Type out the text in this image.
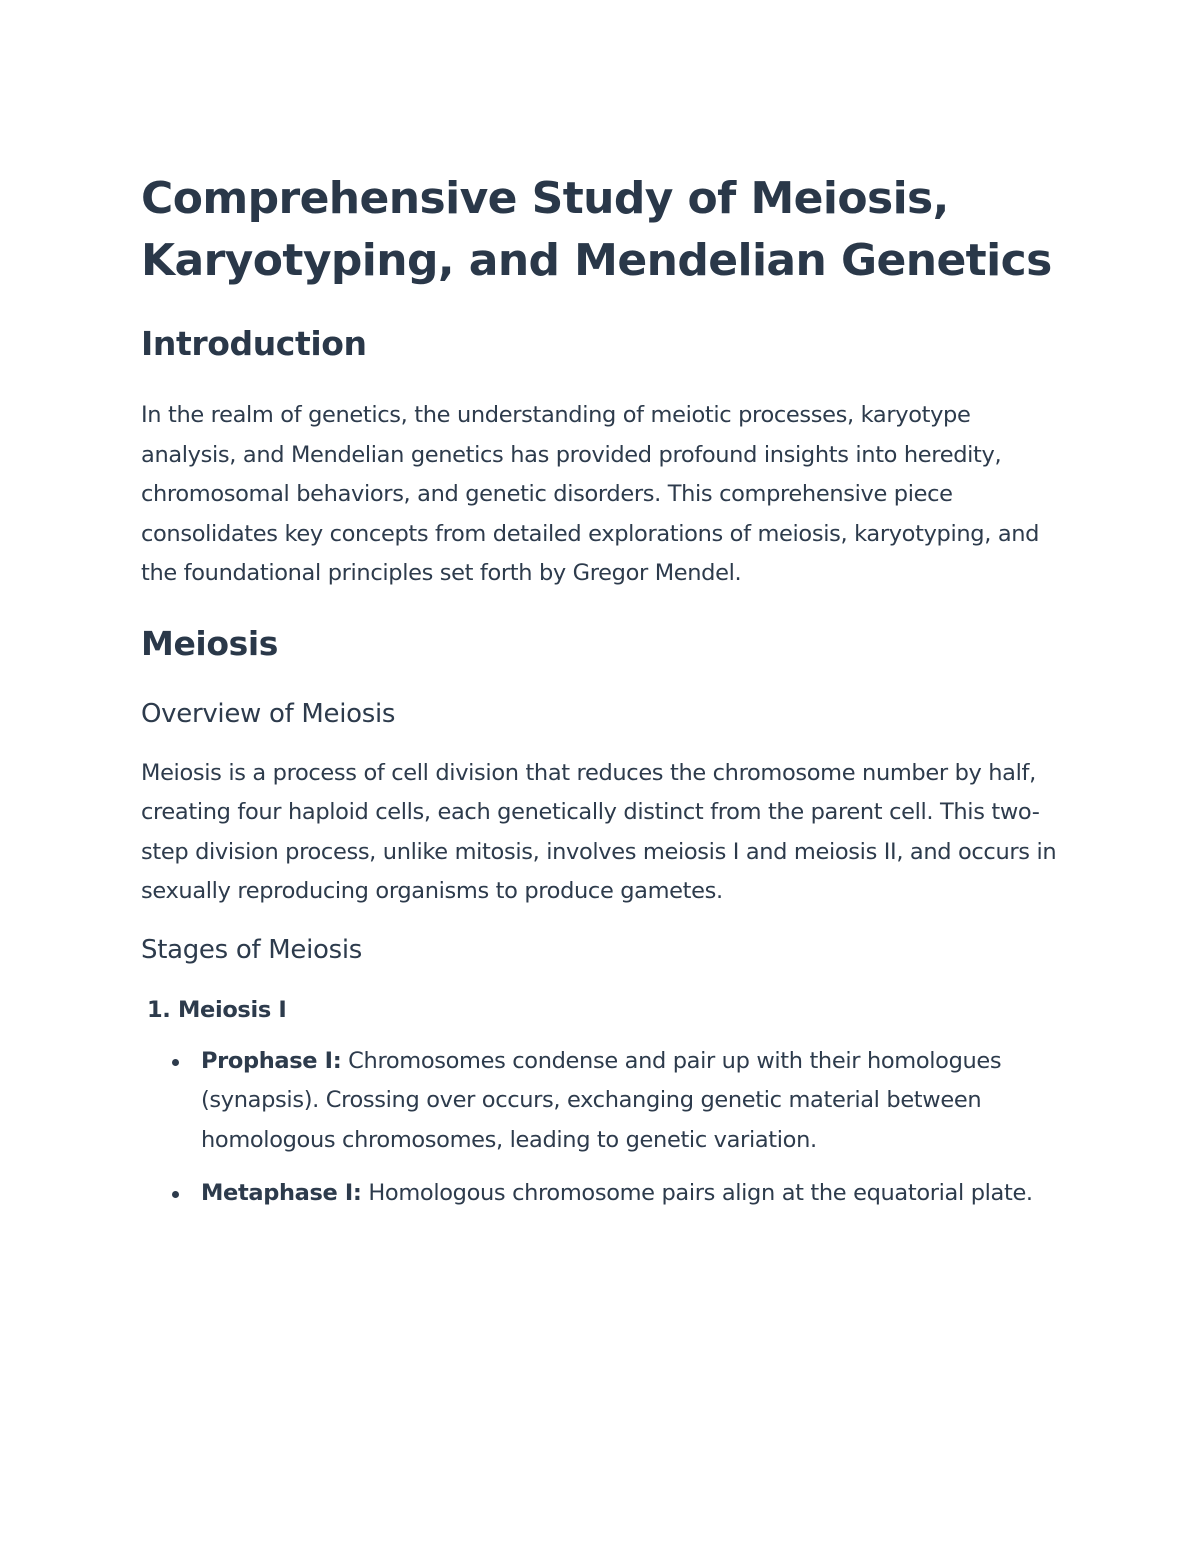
Comprehensive Study of Meiosis, Karyotyping, and Mendelian Genetics
Introduction

In the realm of genetics, the understanding of meiotic processes, karyotype analysis, and Mendelian genetics has provided profound insights into heredity, chromosomal behaviors, and genetic disorders. This comprehensive piece consolidates key concepts from detailed explorations of meiosis, karyotyping, and the foundational principles set forth by Gregor Mendel.

Meiosis
Overview of Meiosis

Meiosis is a process of cell division that reduces the chromosome number by half, creating four haploid cells, each genetically distinct from the parent cell. This two-step division process, unlike mitosis, involves meiosis I and meiosis II, and occurs in sexually reproducing organisms to produce gametes.

Stages of Meiosis
1. Meiosis I
Prophase I: Chromosomes condense and pair up with their homologues (synapsis). Crossing over occurs, exchanging genetic material between homologous chromosomes, leading to genetic variation.
Metaphase I: Homologous chromosome pairs align at the equatorial plate.
